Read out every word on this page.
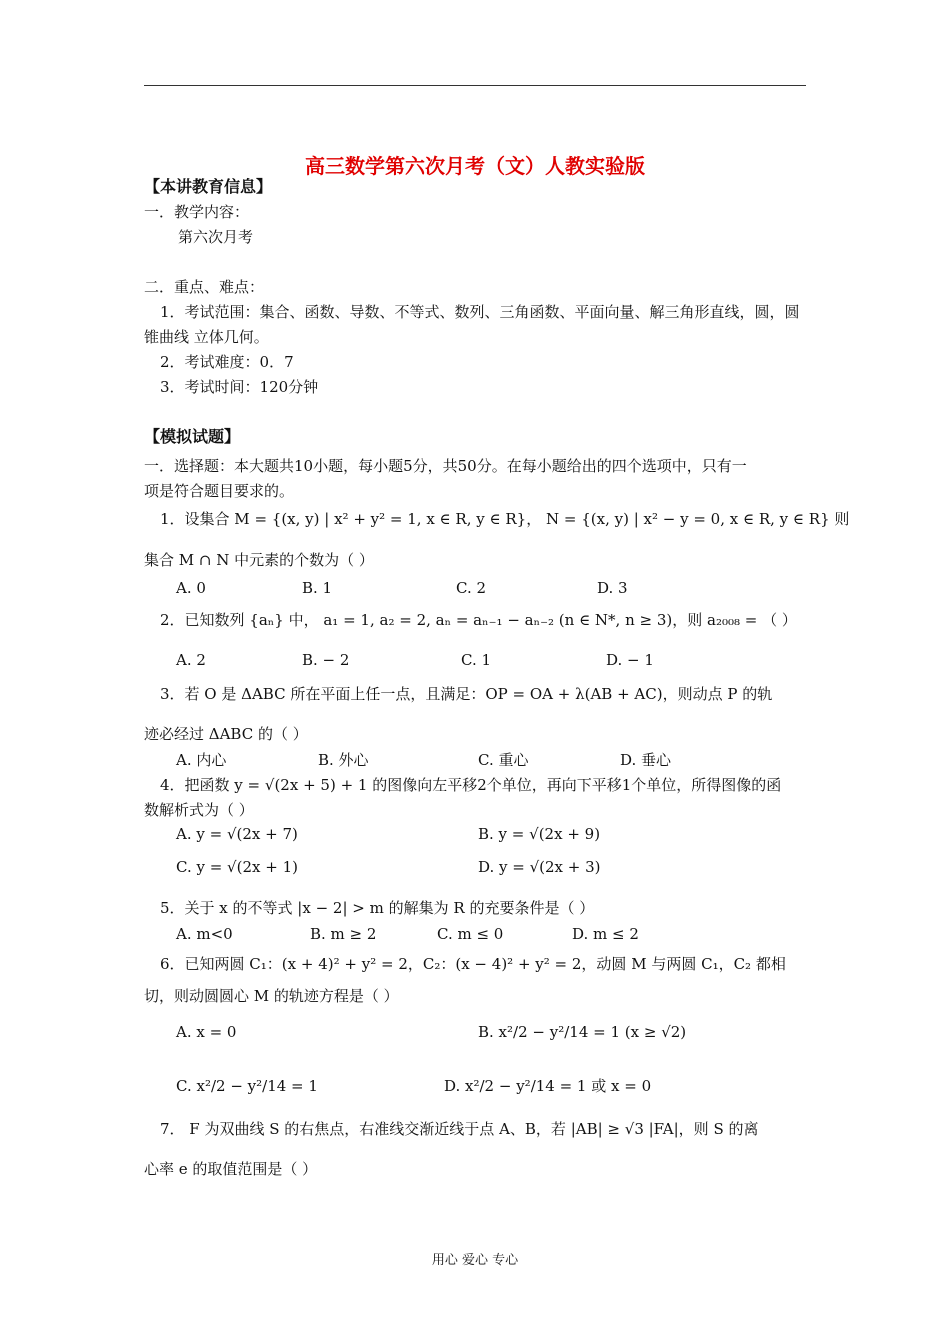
高三数学第六次月考（文）人教实验版
【本讲教育信息】
一．教学内容：
第六次月考
二．重点、难点：
1．考试范围：集合、函数、导数、不等式、数列、三角函数、平面向量、解三角形直线，圆，圆
锥曲线 立体几何。
2．考试难度：0．7
3．考试时间：120分钟
【模拟试题】
一．选择题：本大题共10小题，每小题5分，共50分。在每小题给出的四个选项中，只有一
项是符合题目要求的。
1．设集合 M = {(x, y) | x² + y² = 1, x ∈ R, y ∈ R}， N = {(x, y) | x² − y = 0, x ∈ R, y ∈ R} 则
集合 M ∩ N 中元素的个数为（ ）
A. 0	B. 1	C. 2	D. 3
2．已知数列 {aₙ} 中， a₁ = 1, a₂ = 2, aₙ = aₙ₋₁ − aₙ₋₂ (n ∈ N*, n ≥ 3)，则 a₂₀₀₈ = （ ）
A. 2	B. − 2	C. 1	D. − 1
3．若 O 是 ΔABC 所在平面上任一点，且满足：OP = OA + λ(AB + AC)，则动点 P 的轨
迹必经过 ΔABC 的（ ）
A. 内心	B. 外心	C. 重心	D. 垂心
4．把函数 y = √(2x + 5) + 1 的图像向左平移2个单位，再向下平移1个单位，所得图像的函
数解析式为（ ）
A. y = √(2x + 7)	B. y = √(2x + 9)
C. y = √(2x + 1)	D. y = √(2x + 3)
5．关于 x 的不等式 |x − 2| > m 的解集为 R 的充要条件是（ ）
A. m<0	B. m ≥ 2	C. m ≤ 0	D. m ≤ 2
6．已知两圆 C₁：(x + 4)² + y² = 2，C₂：(x − 4)² + y² = 2，动圆 M 与两圆 C₁，C₂ 都相
切，则动圆圆心 M 的轨迹方程是（ ）
A. x = 0	B. x²/2 − y²/14 = 1 (x ≥ √2)
C. x²/2 − y²/14 = 1	D. x²/2 − y²/14 = 1 或 x = 0
7． F 为双曲线 S 的右焦点，右准线交渐近线于点 A、B，若 |AB| ≥ √3 |FA|，则 S 的离
心率 e 的取值范围是（ ）
用心 爱心 专心
